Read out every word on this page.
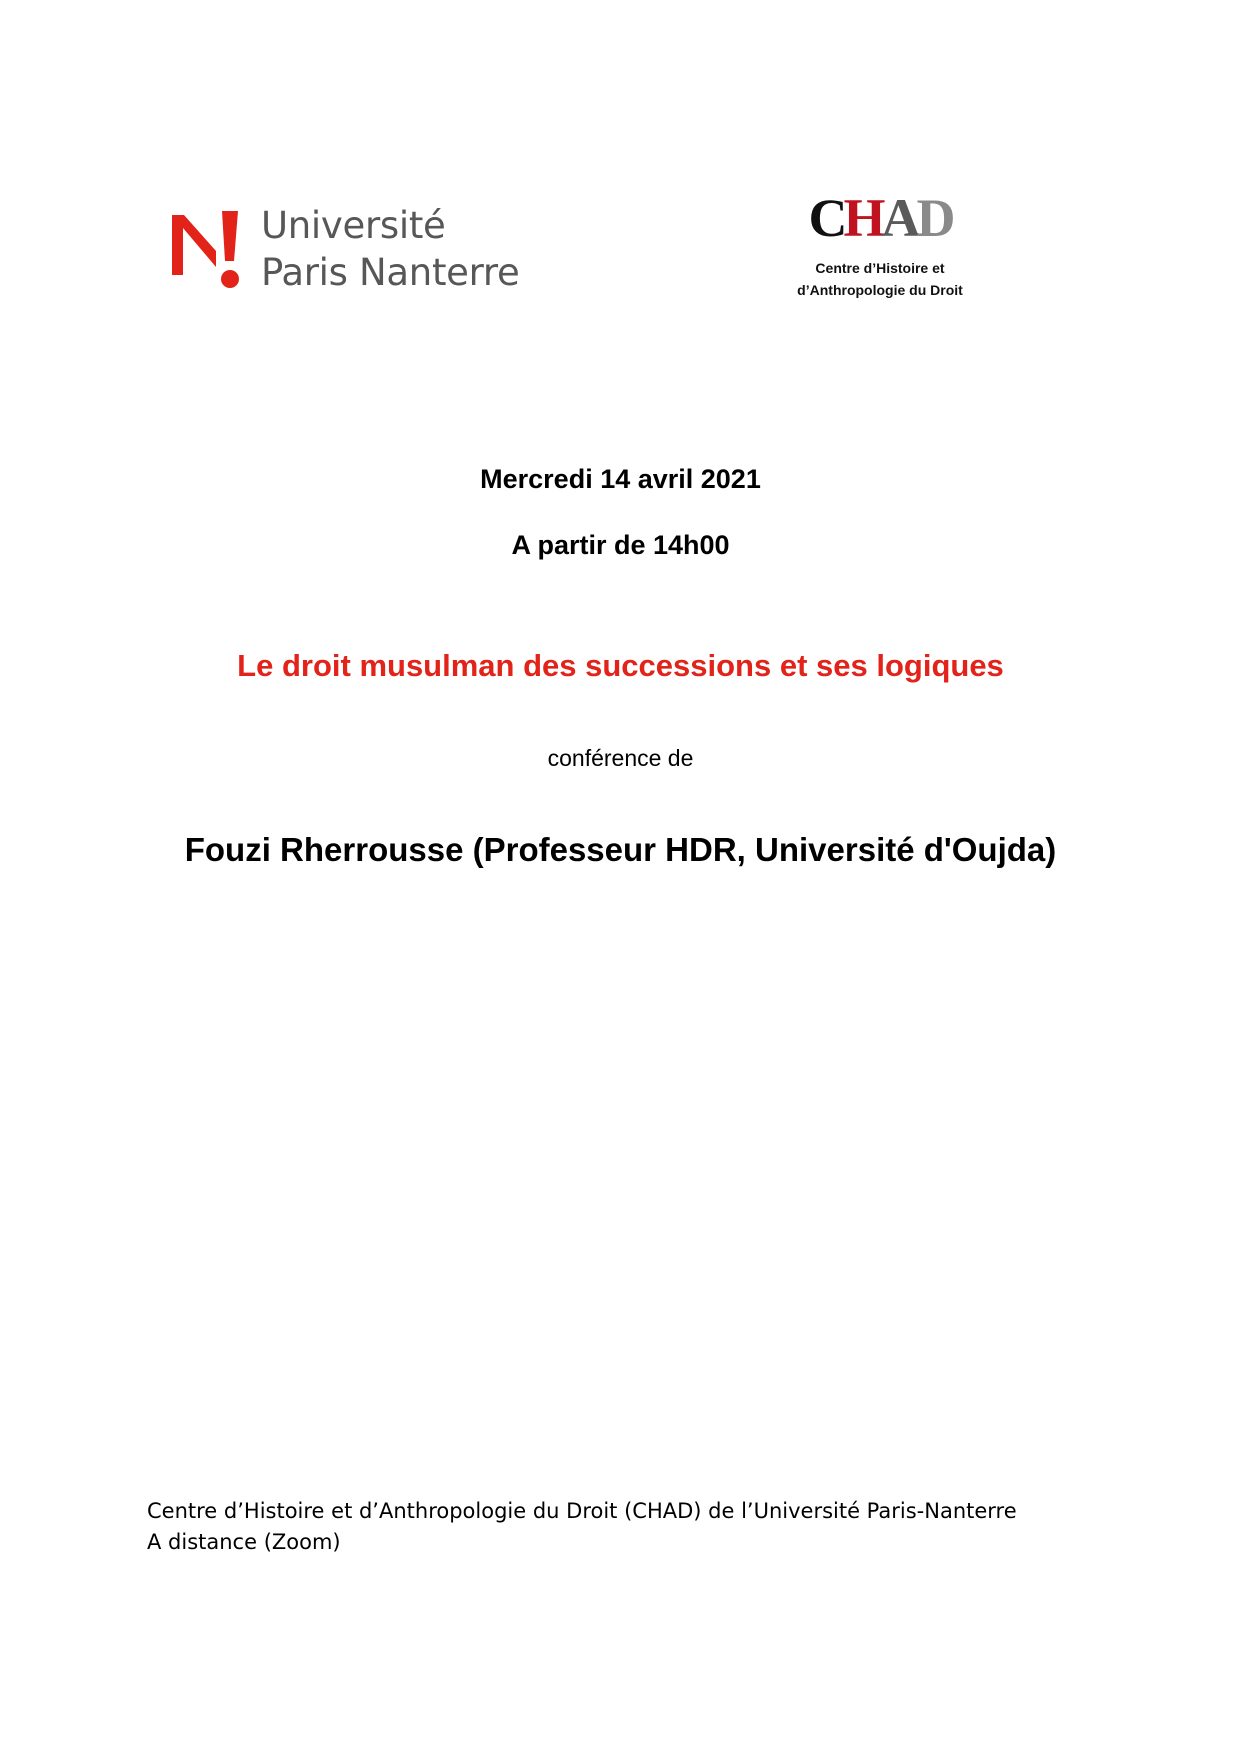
Université
Paris Nanterre
CHAD
Centre d’Histoire et
d’Anthropologie du Droit
Mercredi 14 avril 2021
A partir de 14h00
Le droit musulman des successions et ses logiques
conférence de
Fouzi Rherrousse (Professeur HDR, Université d'Oujda)
Centre d’Histoire et d’Anthropologie du Droit (CHAD) de l’Université Paris-Nanterre
A distance (Zoom)
